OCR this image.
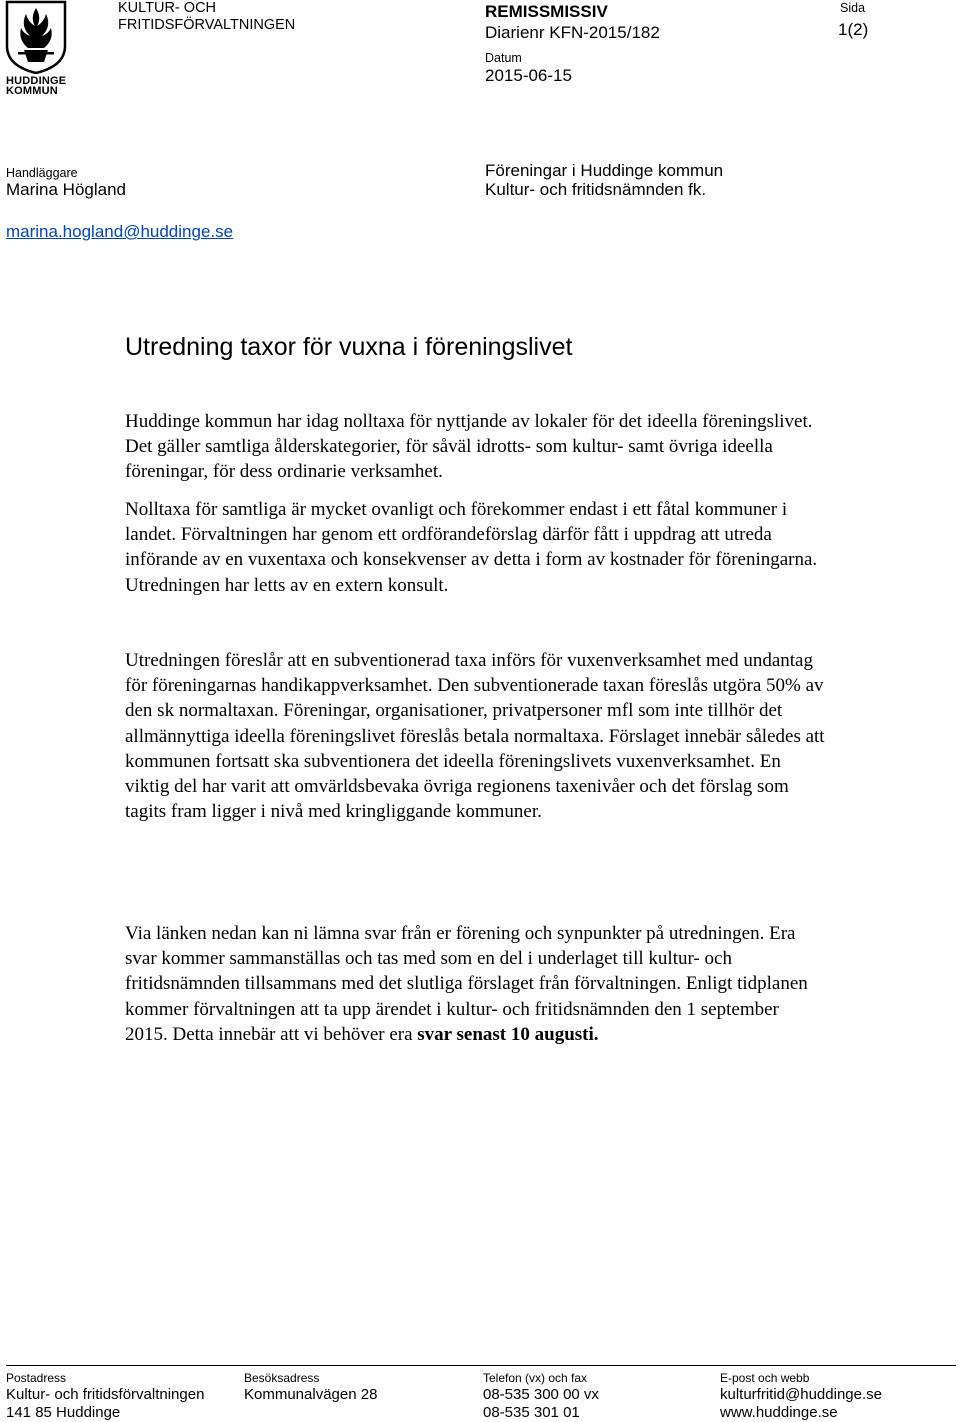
HUDDINGE
KOMMUN
KULTUR- OCH
FRITIDSFÖRVALTNINGEN
REMISSMISSIV
Diarienr KFN-2015/182
Datum
2015-06-15
Sida
1(2)
Handläggare
Marina Högland
Föreningar i Huddinge kommun
Kultur- och fritidsnämnden fk.
marina.hogland@huddinge.se
Utredning taxor för vuxna i föreningslivet

Huddinge kommun har idag nolltaxa för nyttjande av lokaler för det ideella föreningslivet. Det gäller samtliga ålderskategorier, för såväl idrotts- som kultur- samt övriga ideella föreningar, för dess ordinarie verksamhet.

Nolltaxa för samtliga är mycket ovanligt och förekommer endast i ett fåtal kommuner i landet. Förvaltningen har genom ett ordförandeförslag därför fått i uppdrag att utreda införande av en vuxentaxa och konsekvenser av detta i form av kostnader för föreningarna. Utredningen har letts av en extern konsult.

Utredningen föreslår att en subventionerad taxa införs för vuxenverksamhet med undantag för föreningarnas handikappverksamhet. Den subventionerade taxan föreslås utgöra 50% av den sk normaltaxan. Föreningar, organisationer, privatpersoner mfl som inte tillhör det allmännyttiga ideella föreningslivet föreslås betala normaltaxa. Förslaget innebär således att kommunen fortsatt ska subventionera det ideella föreningslivets vuxenverksamhet. En viktig del har varit att omvärldsbevaka övriga regionens taxenivåer och det förslag som tagits fram ligger i nivå med kringliggande kommuner.

Via länken nedan kan ni lämna svar från er förening och synpunkter på utredningen. Era svar kommer sammanställas och tas med som en del i underlaget till kultur- och fritidsnämnden tillsammans med det slutliga förslaget från förvaltningen. Enligt tidplanen kommer förvaltningen att ta upp ärendet i kultur- och fritidsnämnden den 1 september 2015. Detta innebär att vi behöver era svar senast 10 augusti.

Postadress
Kultur- och fritidsförvaltningen
141 85 Huddinge
Besöksadress
Kommunalvägen 28
Telefon (vx) och fax
08-535 300 00 vx
08-535 301 01
E-post och webb
kulturfritid@huddinge.se
www.huddinge.se
